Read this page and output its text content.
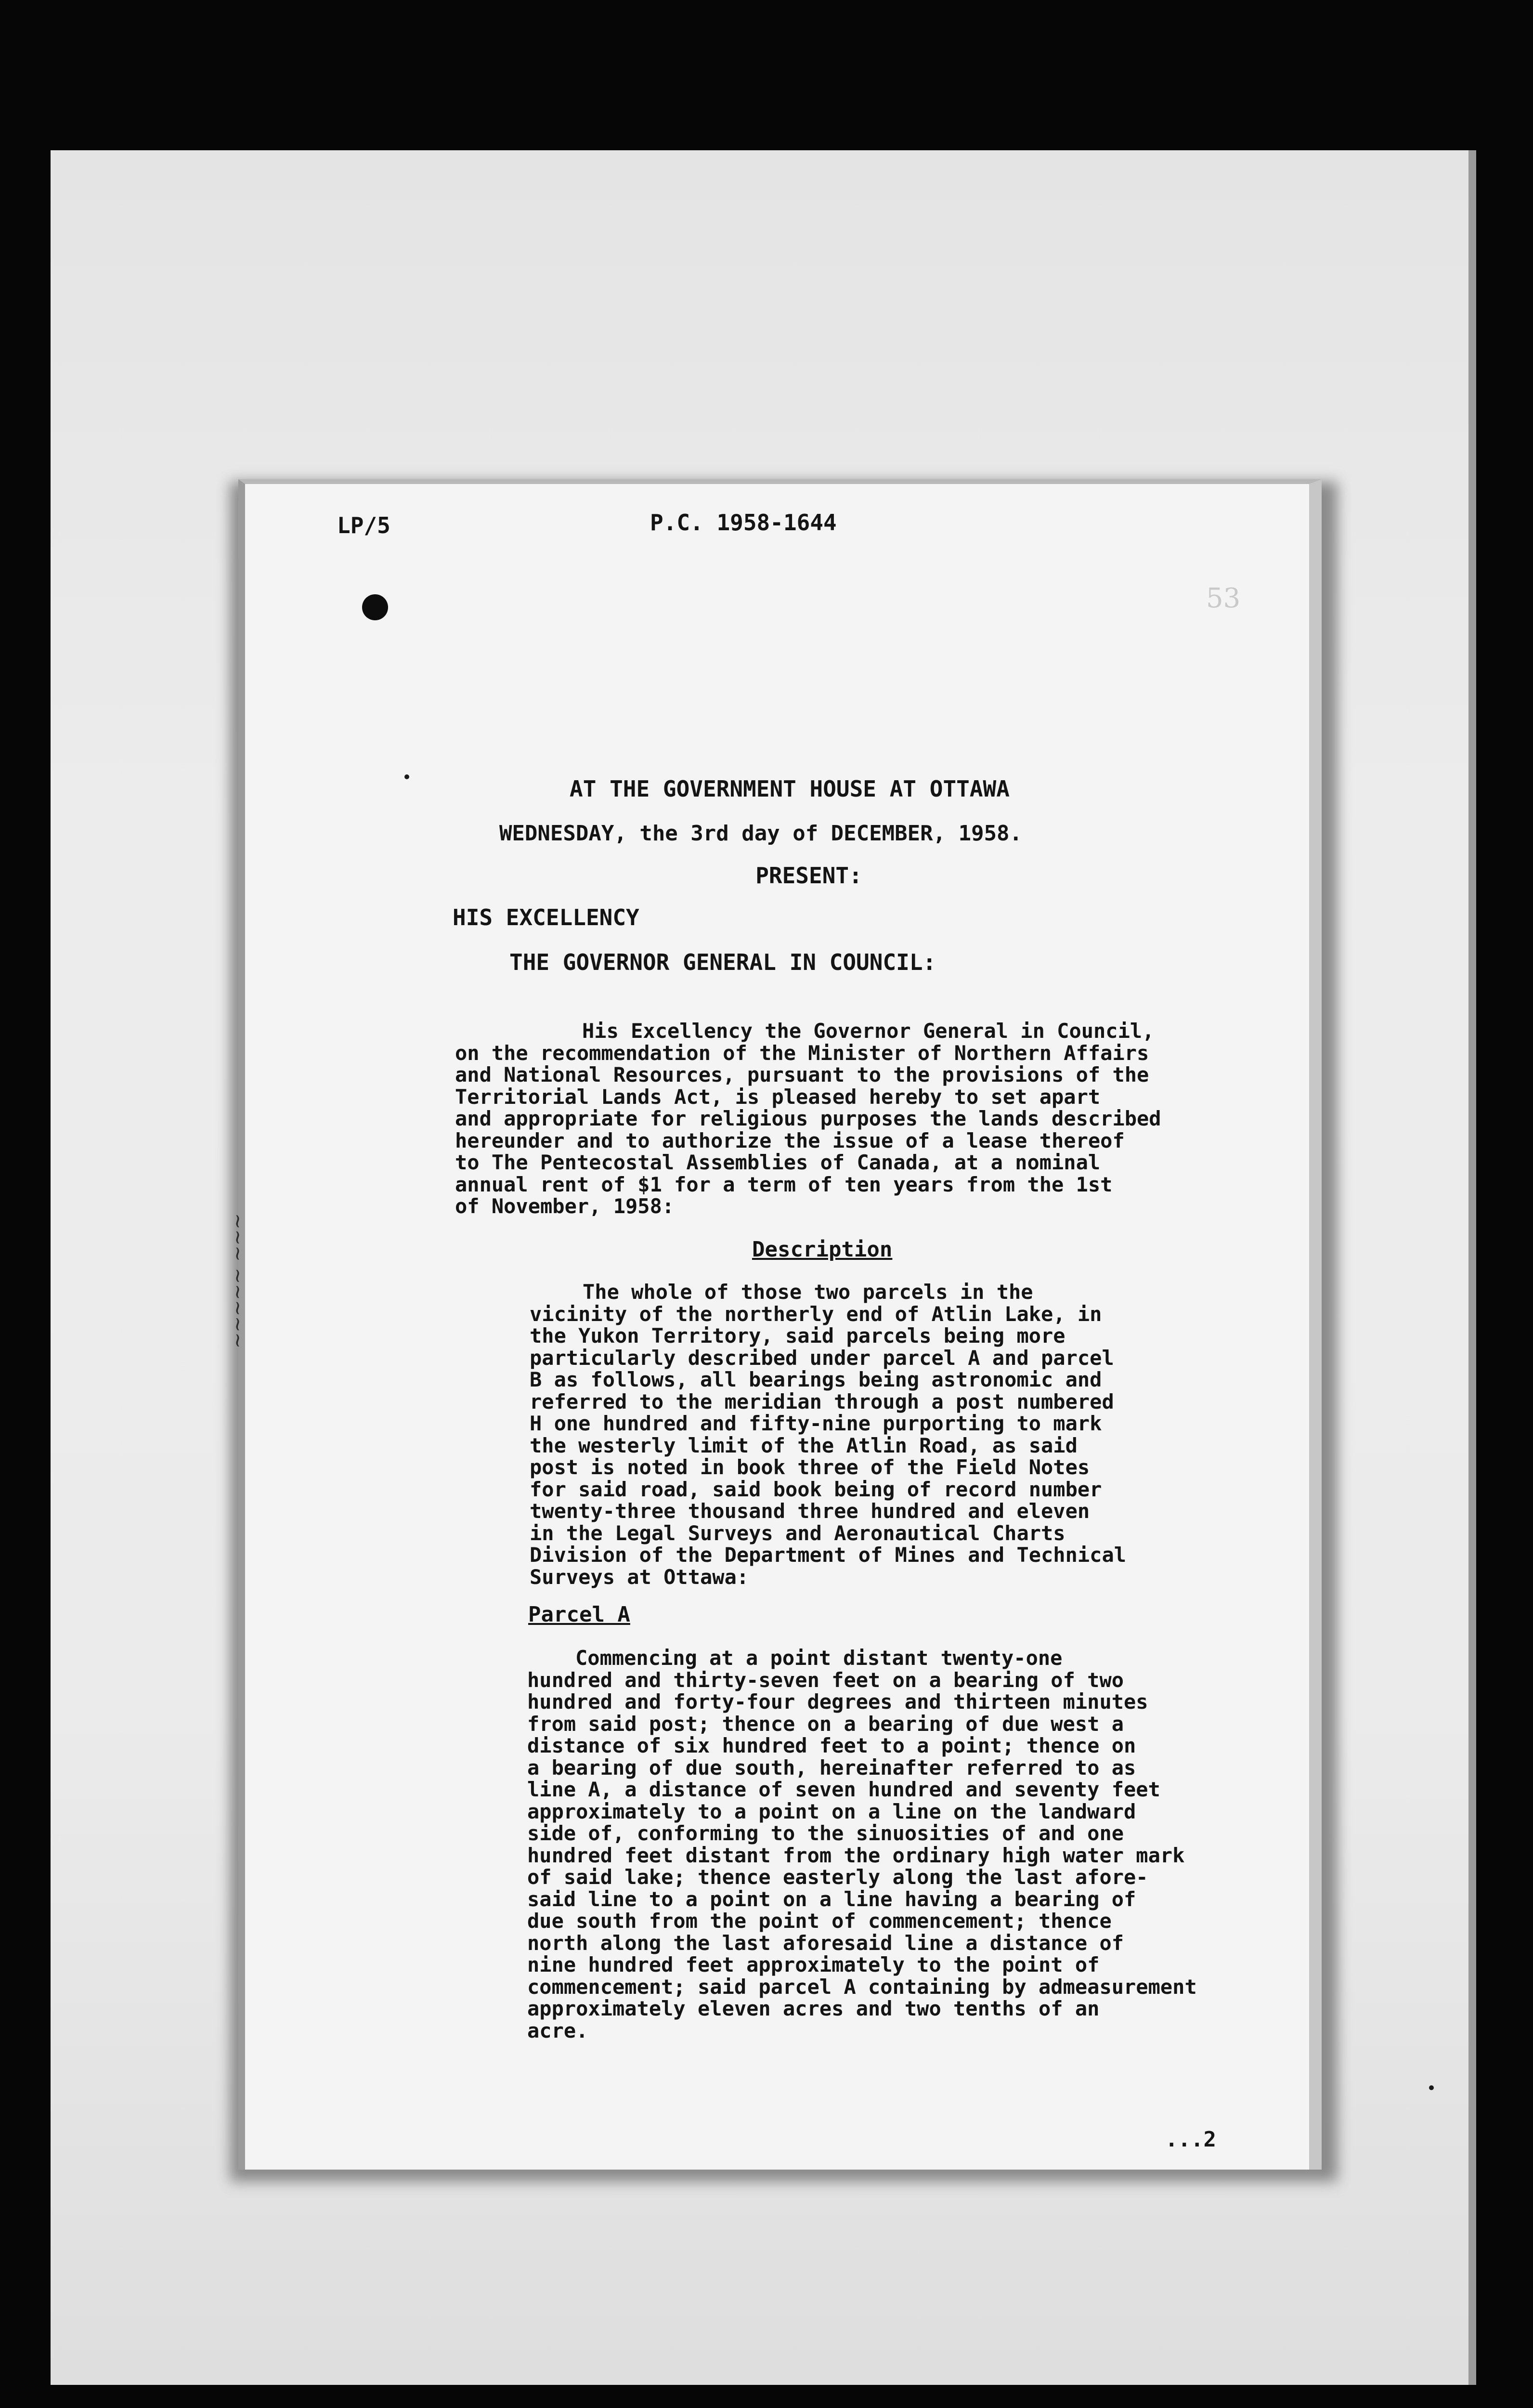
53

LP/5	P.C. 1958-1644

AT THE GOVERNMENT HOUSE AT OTTAWA

WEDNESDAY, the 3rd day of DECEMBER, 1958.

PRESENT:

HIS EXCELLENCY

THE GOVERNOR GENERAL IN COUNCIL:

His Excellency the Governor General in Council,
on the recommendation of the Minister of Northern Affairs
and National Resources, pursuant to the provisions of the
Territorial Lands Act, is pleased hereby to set apart
and appropriate for religious purposes the lands described
hereunder and to authorize the issue of a lease thereof
to The Pentecostal Assemblies of Canada, at a nominal
annual rent of $1 for a term of ten years from the 1st
of November, 1958:

Description

The whole of those two parcels in the
vicinity of the northerly end of Atlin Lake, in
the Yukon Territory, said parcels being more
particularly described under parcel A and parcel
B as follows, all bearings being astronomic and
referred to the meridian through a post numbered
H one hundred and fifty-nine purporting to mark
the westerly limit of the Atlin Road, as said
post is noted in book three of the Field Notes
for said road, said book being of record number
twenty-three thousand three hundred and eleven
in the Legal Surveys and Aeronautical Charts
Division of the Department of Mines and Technical
Surveys at Ottawa:

Parcel A

Commencing at a point distant twenty-one
hundred and thirty-seven feet on a bearing of two
hundred and forty-four degrees and thirteen minutes
from said post; thence on a bearing of due west a
distance of six hundred feet to a point; thence on
a bearing of due south, hereinafter referred to as
line A, a distance of seven hundred and seventy feet
approximately to a point on a line on the landward
side of, conforming to the sinuosities of and one
hundred feet distant from the ordinary high water mark
of said lake; thence easterly along the last afore-
said line to a point on a line having a bearing of
due south from the point of commencement; thence
north along the last aforesaid line a distance of
nine hundred feet approximately to the point of
commencement; said parcel A containing by admeasurement
approximately eleven acres and two tenths of an
acre.

...2

~~~~~ ~~~
